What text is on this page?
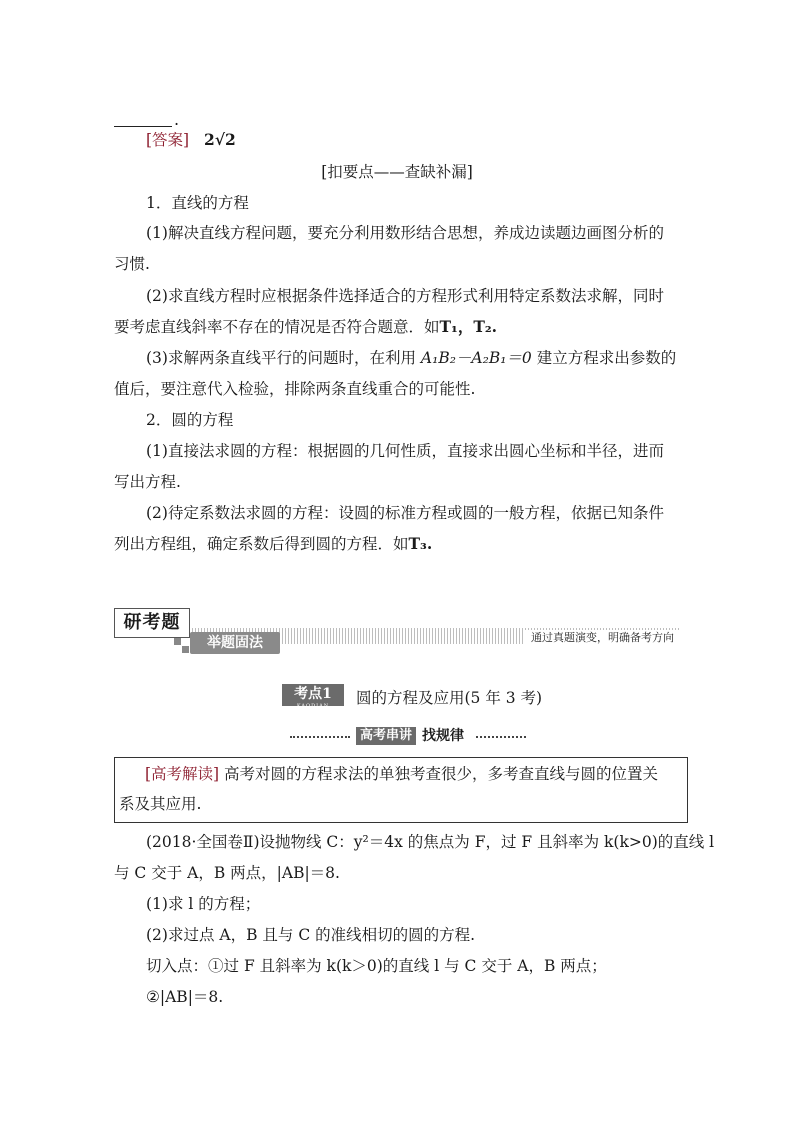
.
[答案] 2√2
[扣要点——查缺补漏]
1．直线的方程
(1)解决直线方程问题，要充分利用数形结合思想，养成边读题边画图分析的
习惯.
(2)求直线方程时应根据条件选择适合的方程形式利用特定系数法求解，同时
要考虑直线斜率不存在的情况是否符合题意．如T₁，T₂.
(3)求解两条直线平行的问题时，在利用 A₁B₂－A₂B₁＝0 建立方程求出参数的
值后，要注意代入检验，排除两条直线重合的可能性.
2．圆的方程
(1)直接法求圆的方程：根据圆的几何性质，直接求出圆心坐标和半径，进而
写出方程.
(2)待定系数法求圆的方程：设圆的标准方程或圆的一般方程，依据已知条件
列出方程组，确定系数后得到圆的方程．如T₃.
研考题
举题固法	通过真题演变，明确备考方向
考点1
KAODIAN	圆的方程及应用(5 年 3 考)
高考串讲 找规律
[高考解读] 高考对圆的方程求法的单独考查很少，多考查直线与圆的位置关
系及其应用.
(2018·全国卷Ⅱ)设抛物线 C：y²＝4x 的焦点为 F，过 F 且斜率为 k(k>0)的直线 l
与 C 交于 A，B 两点，|AB|＝8.
(1)求 l 的方程；
(2)求过点 A，B 且与 C 的准线相切的圆的方程.
切入点：①过 F 且斜率为 k(k＞0)的直线 l 与 C 交于 A，B 两点；
②|AB|＝8.
